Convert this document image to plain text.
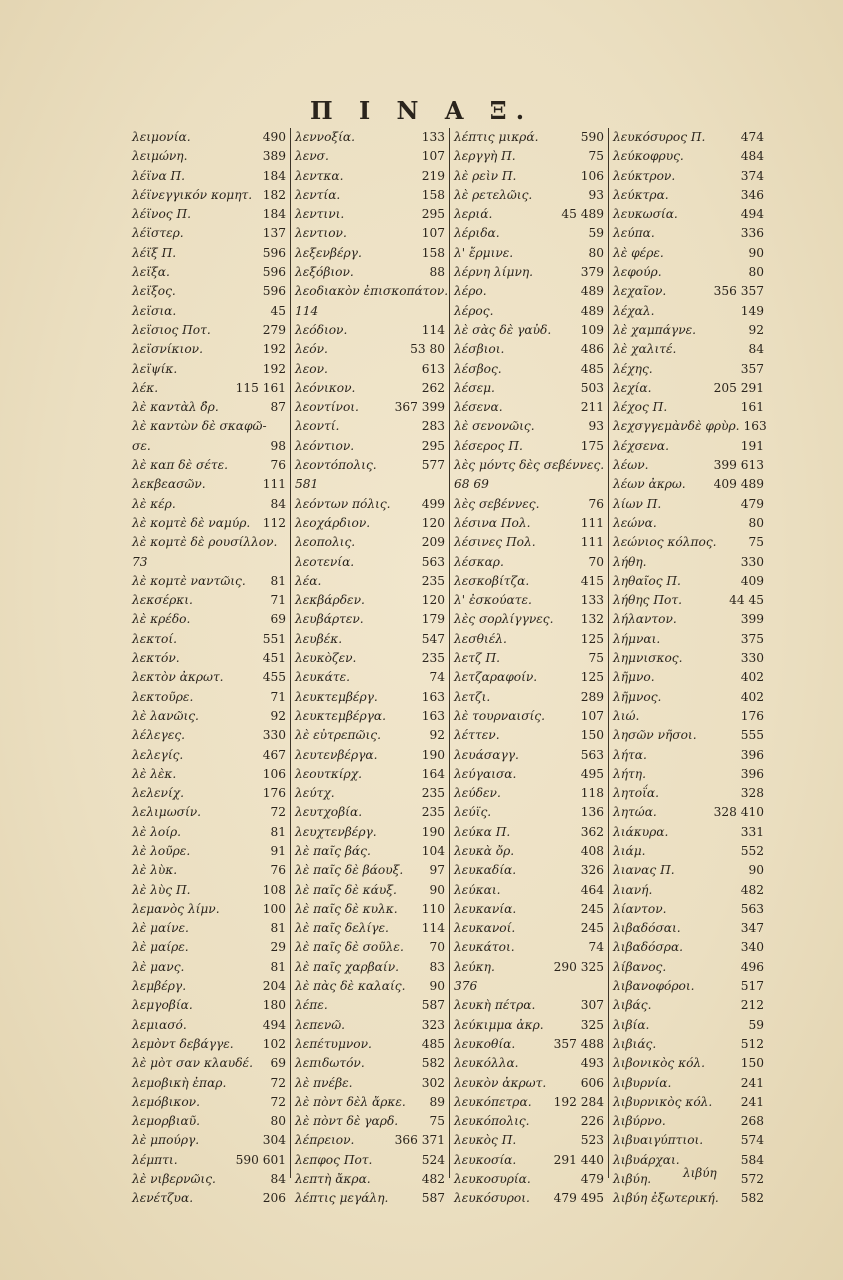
Π Ι Ν Α Ξ.
λειμονία.	490
λειμώνη.	389
λέϊνα Π.	184
λέϊνεγγικόν κομητ. 182
λέϊνος Π.	184
λέϊστερ.	137
λέϊξ Π.	596
λεϊξα.	596
λεϊξος.	596
λεϊσια.	45
λεϊσιος Ποτ.	279
λεϊσνίκιον.	192
λεϊψίκ.	192
λέκ.	115 161
λὲ καντὰλ δ̓ρ.	87
λὲ καντὼν δὲ σκαφῶ-
σε.	98
λὲ καπ δὲ σέτε.	76
λεκβεασῶν.	111
λὲ κέρ.	84
λὲ κομτὲ δὲ ναμύρ.	112
λὲ κομτὲ δὲ ρουσίλλον.
73
λὲ κομτὲ ναντῶις.	81
λεκσέρκι.	71
λὲ κρέδο.	69
λεκτοί.	551
λεκτόν.	451
λεκτὸν ἀκρωτ.	455
λεκτοῦρε.	71
λὲ λανῶις.	92
λέλεγες.	330
λελεγίς.	467
λὲ λὲκ.	106
λελενίχ.	176
λελιμωσίν.	72
λὲ λοίρ.	81
λὲ λοῦρε.	91
λὲ λὺκ.	76
λὲ λὺς Π.	108
λεμανὸς λίμν.	100
λὲ μαίνε.	81
λὲ μαίρε.	29
λὲ μανς.	81
λεμβέργ.	204
λεμγοβία.	180
λεμιασό.	494
λεμὸντ δεβάγγε.	102
λὲ μὸτ σαν κλαυδέ.	69
λεμοβικὴ ἐπαρ.	72
λεμόβικον.	72
λεμορβιαῦ.	80
λὲ μπούργ.	304
λέμπτι.	590 601
λὲ νιβερνῶις.	84
λενέτζυα.	206
λεννοξία.	133
λενσ.	107
λεντκα.	219
λεντία.	158
λεντινι.	295
λεντιον.	107
λεξενβέργ.	158
λεξόβιον.	88
λεοδιακὸν ἐπισκοπάτον.
114
λεόδιον.	114
λεόν.	53 80
λεον.	613
λεόνικον.	262
λεοντίνοι.	367 399
λεοντί.	283
λεόντιον.	295
λεοντόπολις.	577
581
λεόντων πόλις.	499
λεοχάρδιον.	120
λεοπολις.	209
λεοτενία.	563
λέα.	235
λεκβάρδεν.	120
λευβάρτεν.	179
λευβέκ.	547
λευκὸζεν.	235
λευκάτε.	74
λευκτεμβέργ.	163
λευκτεμβέργα.	163
λὲ εὐτρεπῶις.	92
λευτενβέργα.	190
λεουτκίρχ.	164
λεύτχ.	235
λευτχοβία.	235
λευχτενβέργ.	190
λὲ παῖς βάς.	104
λὲ παῖς δὲ βάουξ.	97
λὲ παῖς δὲ κάυξ.	90
λὲ παῖς δὲ κυλκ.	110
λὲ παῖς δελίγε.	114
λὲ παῖς δὲ σοῦλε.	70
λὲ παῖς χαρβαίν.	83
λὲ πὰς δὲ καλαίς.	90
λέπε.	587
λεπενῶ.	323
λεπέτυμνον.	485
λεπιδωτόν.	582
λὲ πνέβε.	302
λὲ πὸντ δὲλ ἄρκε.	89
λὲ πὸντ δὲ γαρδ.	75
λέπρειον.	366 371
λεπφος Ποτ.	524
λεπτὴ ἄκρα.	482
λέπτις μεγάλη.	587
λέπτις μικρά.	590
λεργγὴ Π.	75
λὲ ρεὶν Π.	106
λὲ ρετελῶις.	93
λεριά.	45 489
λέριδα.	59
λ' ἔρμινε.	80
λέρνη λίμνη.	379
λέρο.	489
λέρος.	489
λὲ σὰς δὲ γαὐδ.	109
λέσβιοι.	486
λέσβος.	485
λέσεμ.	503
λέσενα.	211
λὲ σενονῶις.	93
λέσερος Π.	175
λὲς μόντς δὲς σεβέννες.
68 69
λὲς σεβέννες.	76
λέσινα Πολ.	111
λέσινες Πολ.	111
λέσκαρ.	70
λεσκοβίτζα.	415
λ' ἐσκούατε.	133
λὲς σορλίγγνες.	132
λεσθιέλ.	125
λετζ Π.	75
λετζαραφοίν.	125
λετζι.	289
λὲ τουρναισίς.	107
λέττεν.	150
λευάσαγγ.	563
λεύγαισα.	495
λεύδεν.	118
λεύϊς.	136
λεύκα Π.	362
λευκὰ ὄρ.	408
λευκαδία.	326
λεύκαι.	464
λευκανία.	245
λευκανοί.	245
λευκάτοι.	74
λεύκη.	290 325
376
λευκὴ πέτρα.	307
λεύκιμμα ἀκρ.	325
λευκοθία.	357 488
λευκόλλα.	493
λευκὸν ἀκρωτ.	606
λευκόπετρα.	192 284
λευκόπολις.	226
λευκὸς Π.	523
λευκοσία.	291 440
λευκοσυρία.	479
λευκόσυροι.	479 495
λευκόσυρος Π.	474
λεύκοφρυς.	484
λεύκτρον.	374
λεύκτρα.	346
λευκωσία.	494
λεύπα.	336
λὲ φέρε.	90
λεφούρ.	80
λεχαῖον.	356 357
λέχαλ.	149
λὲ χαμπάγνε.	92
λὲ χαλιτέ.	84
λέχης.	357
λεχία.	205 291
λέχος Π.	161
λεχσγγεμὰνδὲ φρὺρ. 163
λέχσενα.	191
λέων.	399 613
λέων ἀκρω.	409 489
λίων Π.	479
λεώνα.	80
λεώνιος κόλπος.	75
λήθη.	330
ληθαῖος Π.	409
λήθης Ποτ.	44 45
λήλαντον.	399
λήμναι.	375
λημνισκος.	330
λῆμνο.	402
λῆμνος.	402
λιώ.	176
λησῶν νῆσοι.	555
λήτα.	396
λήτη.	396
λητοΐα.	328
λητώα.	328 410
λιάκυρα.	331
λιάμ.	552
λιανας Π.	90
λιανή.	482
λίαντον.	563
λιβαδόσαι.	347
λιβαδόσρα.	340
λίβανος.	496
λιβανοφόροι.	517
λιβάς.	212
λιβία.	59
λιβιάς.	512
λιβονικὸς κόλ.	150
λιβυρνία.	241
λιβυρνικὸς κόλ.	241
λιβύρνο.	268
λιβυαιγύπτιοι.	574
λιβυάρχαι.	584
λιβύη.	572
λιβύη ἐξωτερική.	582
λιβύη
